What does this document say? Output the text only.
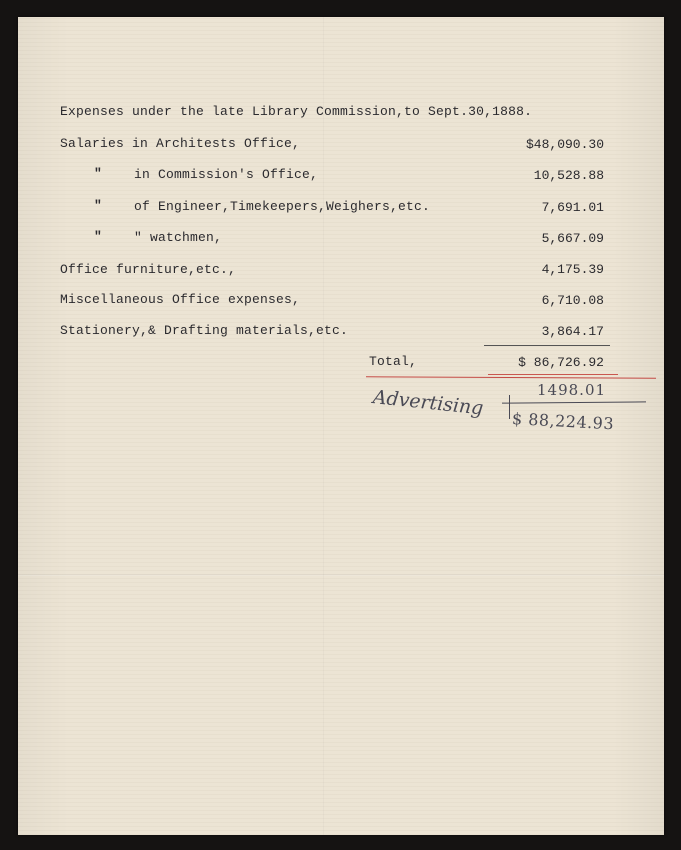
Expenses under the late Library Commission,to Sept.30,1888.
Salaries in Architests Office,	$48,090.30
" in Commission's Office,	10,528.88
" of Engineer,Timekeepers,Weighers,etc.	7,691.01
" " watchmen,	5,667.09
Office furniture,etc.,	4,175.39
Miscellaneous Office expenses,	6,710.08
Stationery,& Drafting materials,etc.	3,864.17
Total,	$ 86,726.92
Advertising	1498.01
$ 88,224.93
